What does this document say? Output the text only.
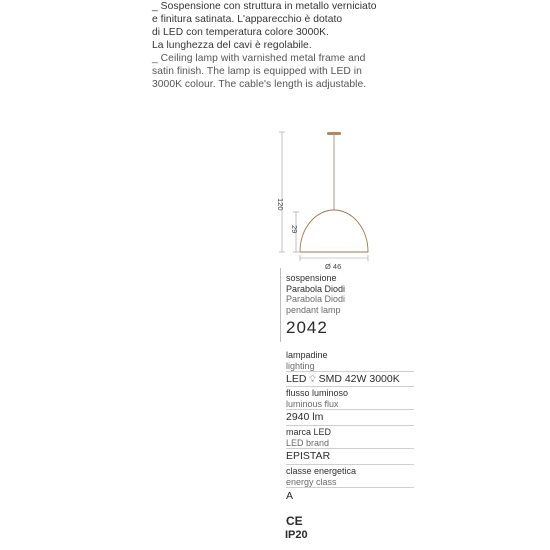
_ Sospensione con struttura in metallo verniciato
e finitura satinata. L'apparecchio è dotato
di LED con temperatura colore 3000K.
La lunghezza del cavi è regolabile.
_ Ceiling lamp with varnished metal frame and
satin finish. The lamp is equipped with LED in
3000K colour. The cable's length is adjustable.
120
29
Ø 46
sospensione
Parabola Diodi
Parabola Diodi
pendant lamp
2042
lampadine
lighting
LED 💡︎ SMD 42W 3000K
flusso luminoso
luminous flux
2940 lm
marca LED
LED brand
EPISTAR
classe energetica
energy class
A
CE
IP20
